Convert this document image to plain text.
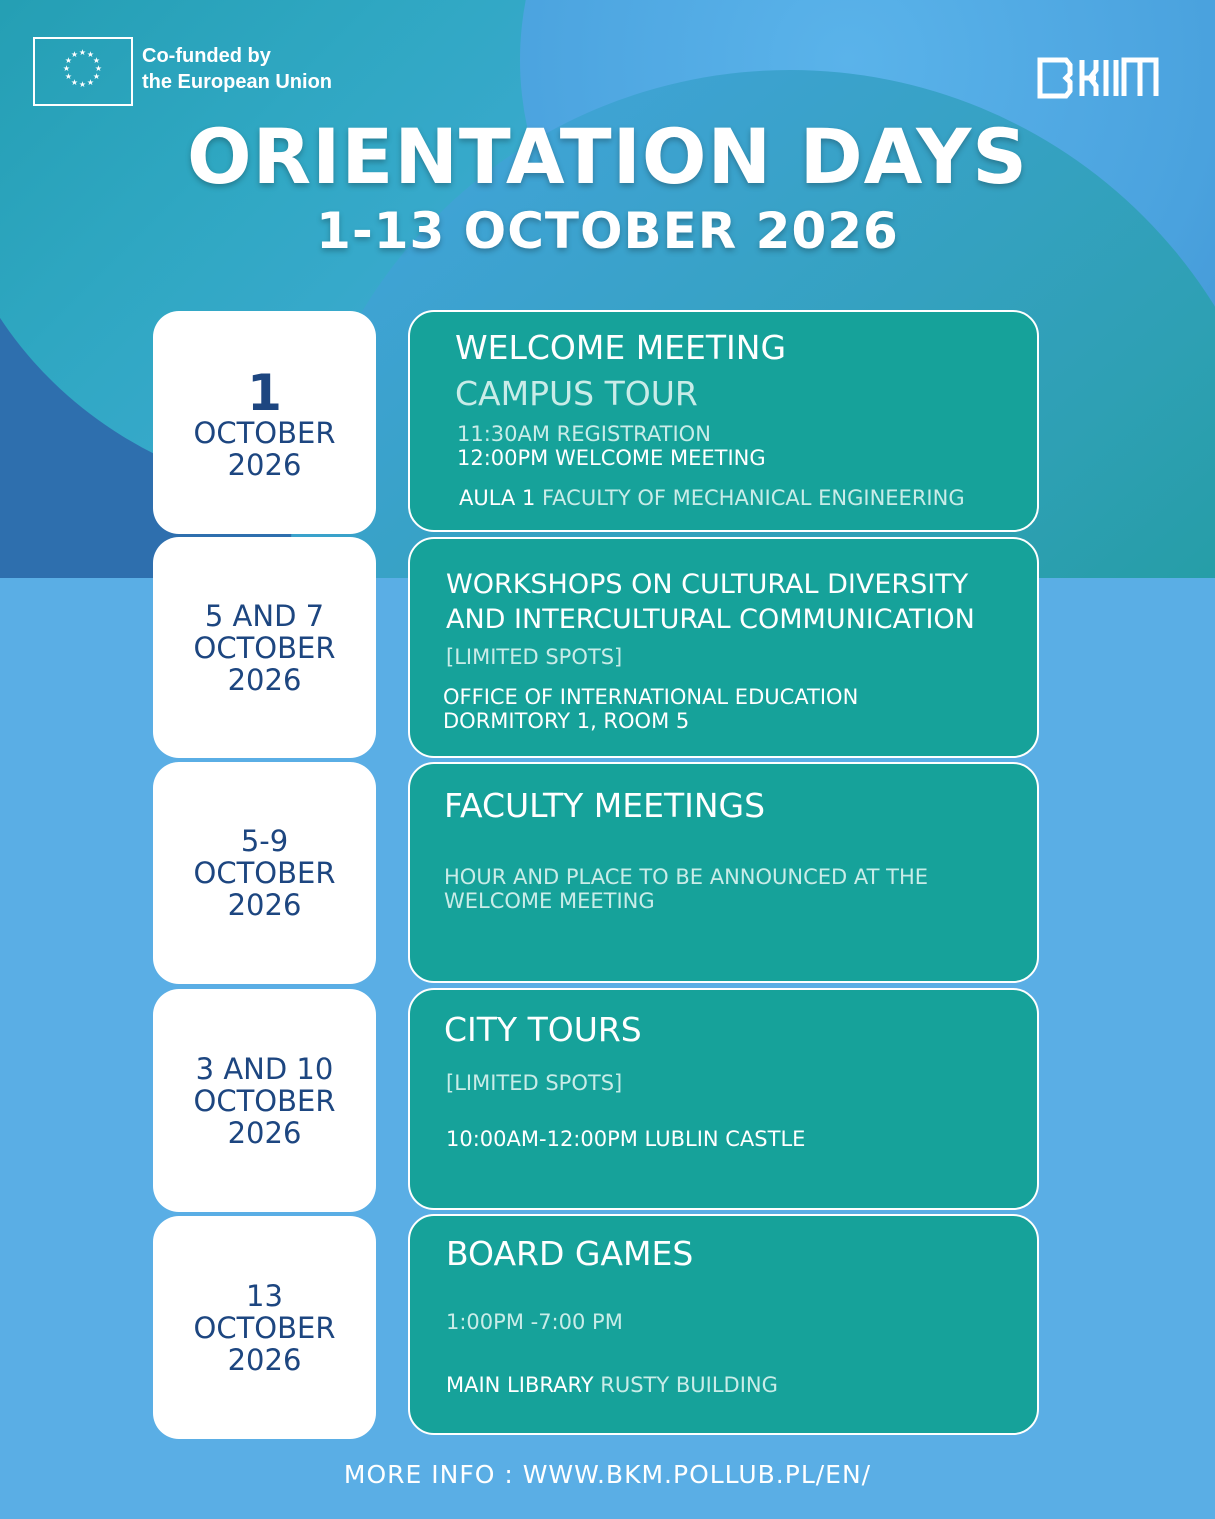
★ ★
★
★
★
★
★
★
★
★
★
★	Co-funded by
the European Union
BKM
ORIENTATION DAYS
1-13 OCTOBER 2026
1
OCTOBER
2026
WELCOME MEETING
CAMPUS TOUR
11:30AM REGISTRATION
12:00PM WELCOME MEETING
AULA 1 FACULTY OF MECHANICAL ENGINEERING
5 AND 7
OCTOBER
2026
WORKSHOPS ON CULTURAL DIVERSITY
AND INTERCULTURAL COMMUNICATION
[LIMITED SPOTS]
OFFICE OF INTERNATIONAL EDUCATION
DORMITORY 1, ROOM 5
5-9
OCTOBER
2026
FACULTY MEETINGS
HOUR AND PLACE TO BE ANNOUNCED AT THE
WELCOME MEETING
3 AND 10
OCTOBER
2026
CITY TOURS
[LIMITED SPOTS]
10:00AM-12:00PM LUBLIN CASTLE
13
OCTOBER
2026
BOARD GAMES
1:00PM -7:00 PM
MAIN LIBRARY RUSTY BUILDING
MORE INFO : WWW.BKM.POLLUB.PL/EN/
